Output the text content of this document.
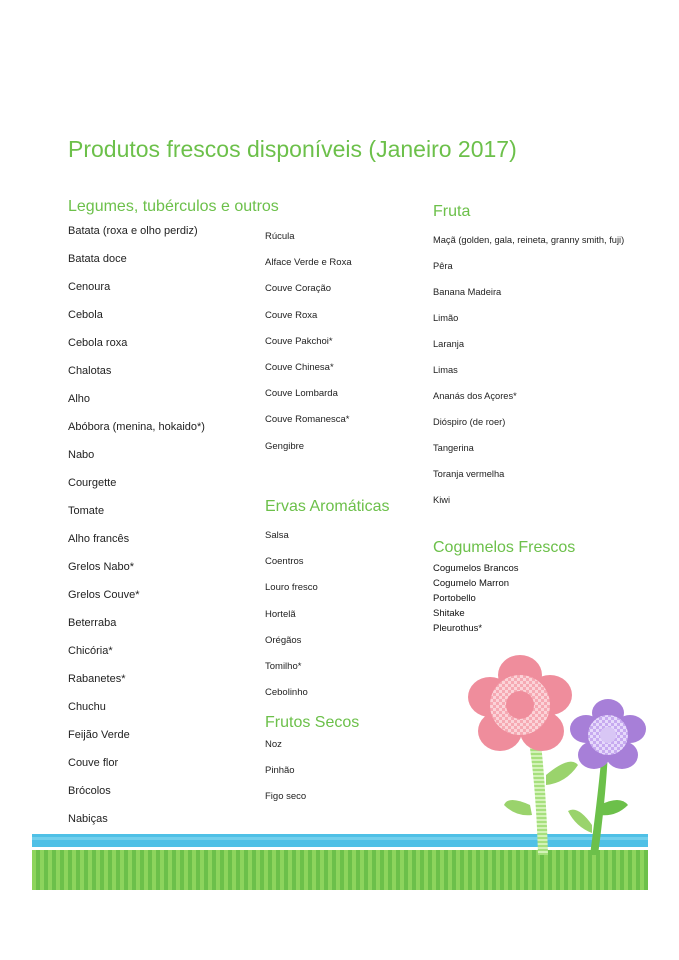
Produtos frescos disponíveis (Janeiro 2017)
Legumes, tubérculos e outros
Batata (roxa e olho perdiz)
Batata doce
Cenoura
Cebola
Cebola roxa
Chalotas
Alho
Abóbora (menina, hokaido*)
Nabo
Courgette
Tomate
Alho francês
Grelos Nabo*
Grelos Couve*
Beterraba
Chicória*
Rabanetes*
Chuchu
Feijão Verde
Couve flor
Brócolos
Nabiças
Rúcula
Alface Verde e Roxa
Couve Coração
Couve Roxa
Couve Pakchoi*
Couve Chinesa*
Couve Lombarda
Couve Romanesca*
Gengibre
Ervas Aromáticas
Salsa
Coentros
Louro fresco
Hortelã
Orégãos
Tomilho*
Cebolinho
Frutos Secos
Noz
Pinhão
Figo seco
Fruta
Maçã (golden, gala, reineta, granny smith, fuji)
Pêra
Banana Madeira
Limão
Laranja
Limas
Ananás dos Açores*
Dióspiro (de roer)
Tangerina
Toranja vermelha
Kiwi
Cogumelos Frescos
Cogumelos Brancos
Cogumelo Marron
Portobello
Shitake
Pleurothus*
